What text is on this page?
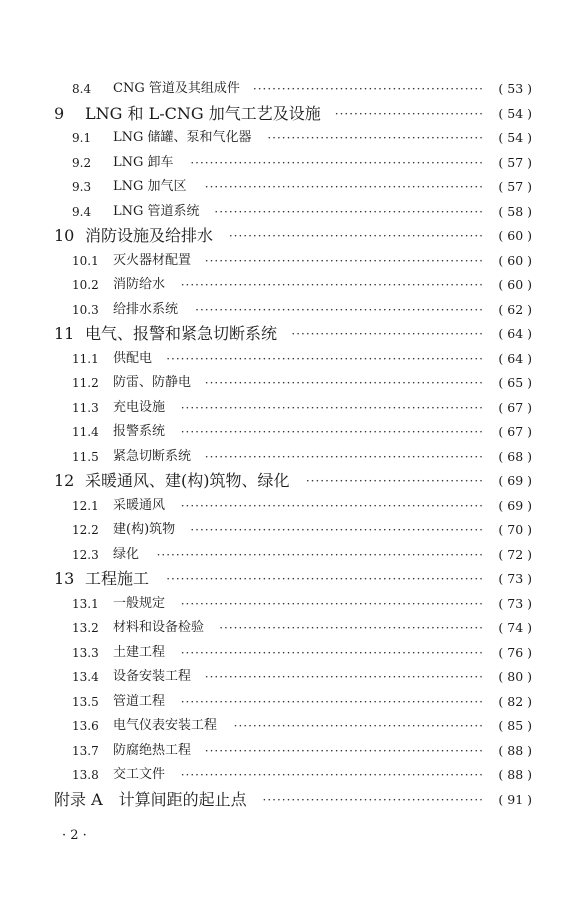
8.4 CNG 管道及其组成件	················································ ( 53 )
9 LNG 和 L-CNG 加气工艺及设施	······························· ( 54 )
9.1 LNG 储罐、泵和气化器	············································· ( 54 )
9.2 LNG 卸车	····························································· ( 57 )
9.3 LNG 加气区	·························································· ( 57 )
9.4 LNG 管道系统	························································ ( 58 )
10 消防设施及给排水	····················································· ( 60 )
10.1 灭火器材配置	·························································· ( 60 )
10.2 消防给水	······························································· ( 60 )
10.3 给排水系统	···························································· ( 62 )
11 电气、报警和紧急切断系统	········································ ( 64 )
11.1 供配电	·································································· ( 64 )
11.2 防雷、防静电	·························································· ( 65 )
11.3 充电设施	······························································· ( 67 )
11.4 报警系统	······························································· ( 67 )
11.5 紧急切断系统	·························································· ( 68 )
12 采暖通风、建(构)筑物、绿化	····································· ( 69 )
12.1 采暖通风	······························································· ( 69 )
12.2 建(构)筑物	····························································· ( 70 )
12.3 绿化	···································································· ( 72 )
13 工程施工	·································································· ( 73 )
13.1 一般规定	······························································· ( 73 )
13.2 材料和设备检验	······················································· ( 74 )
13.3 土建工程	······························································· ( 76 )
13.4 设备安装工程	·························································· ( 80 )
13.5 管道工程	······························································· ( 82 )
13.6 电气仪表安装工程	···················································· ( 85 )
13.7 防腐绝热工程	·························································· ( 88 )
13.8 交工文件	······························································· ( 88 )
附录 A　计算间距的起止点	·············································· ( 91 )
· 2 ·
